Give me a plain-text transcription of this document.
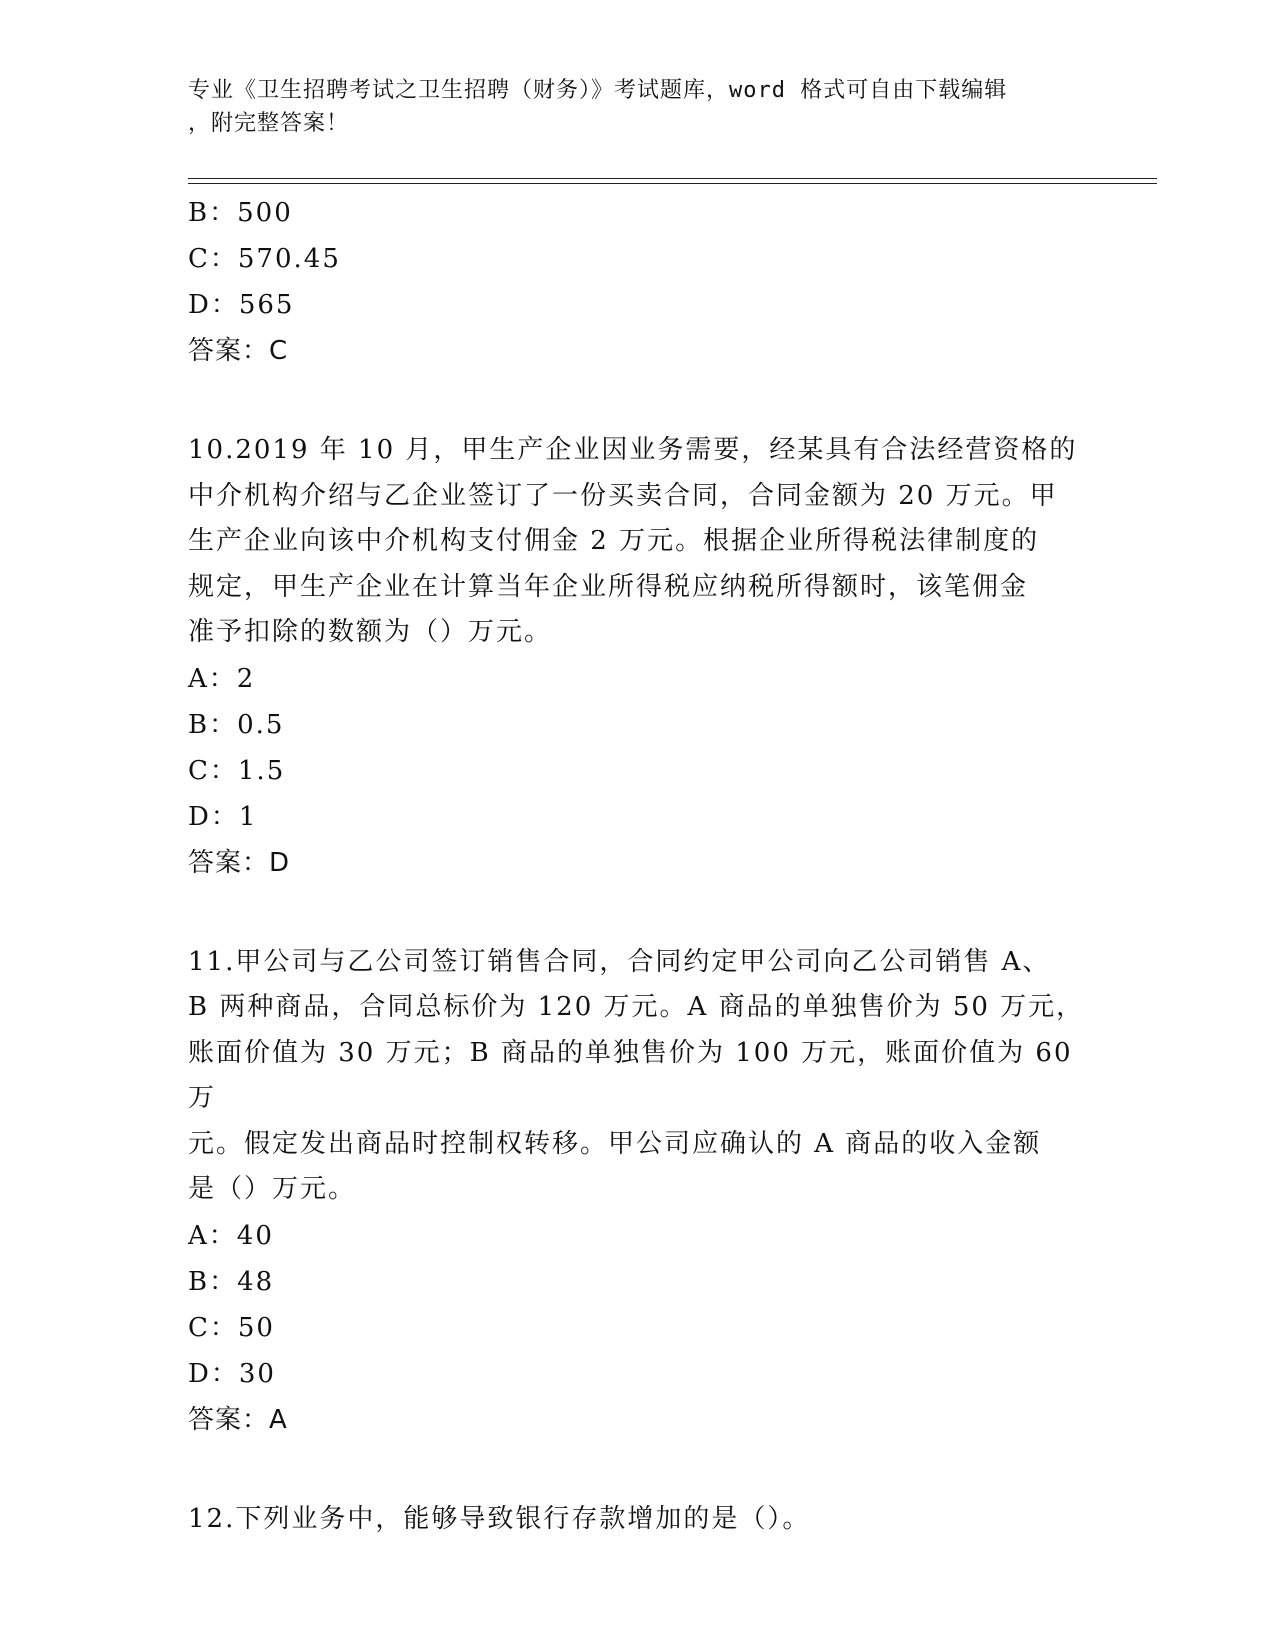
专业《卫生招聘考试之卫生招聘（财务）》考试题库，word 格式可自由下载编辑
，附完整答案！
B：500
C：570.45
D：565
答案：C
10.2019 年 10 月，甲生产企业因业务需要，经某具有合法经营资格的
中介机构介绍与乙企业签订了一份买卖合同，合同金额为 20 万元。甲
生产企业向该中介机构支付佣金 2 万元。根据企业所得税法律制度的
规定，甲生产企业在计算当年企业所得税应纳税所得额时，该笔佣金
准予扣除的数额为（）万元。
A：2
B：0.5
C：1.5
D：1
答案：D
11.甲公司与乙公司签订销售合同，合同约定甲公司向乙公司销售 A、
B 两种商品，合同总标价为 120 万元。A 商品的单独售价为 50 万元，
账面价值为 30 万元；B 商品的单独售价为 100 万元，账面价值为 60 万
元。假定发出商品时控制权转移。甲公司应确认的 A 商品的收入金额
是（）万元。
A：40
B：48
C：50
D：30
答案：A
12.下列业务中，能够导致银行存款增加的是（）。
